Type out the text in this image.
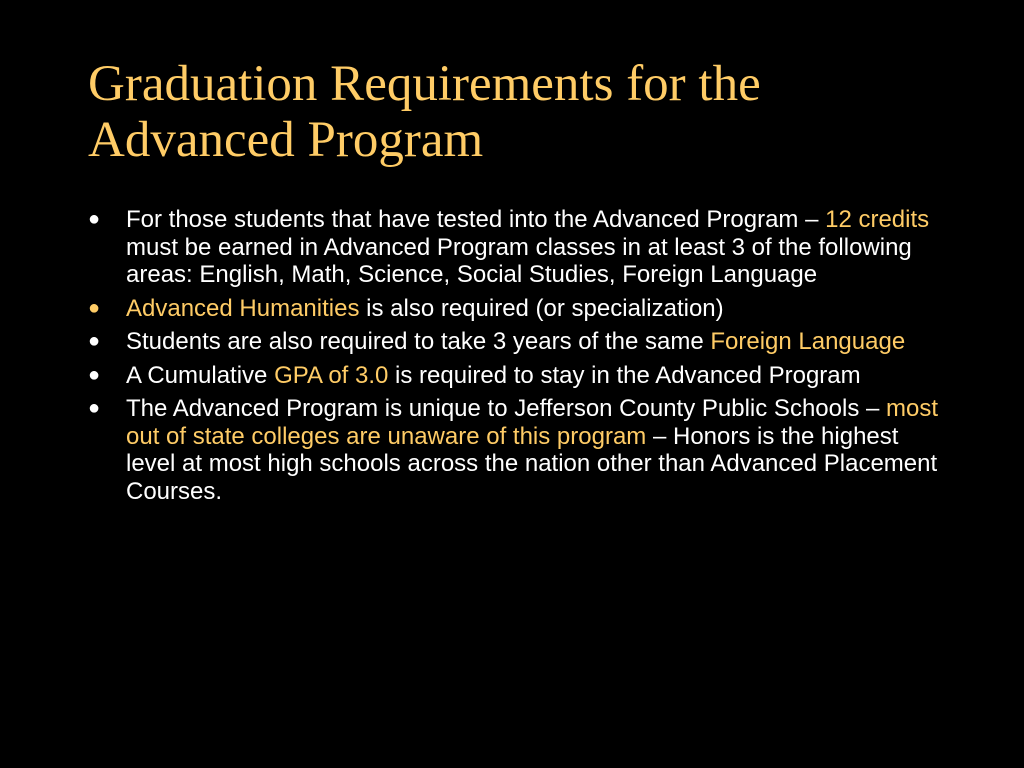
Graduation Requirements for the
Advanced Program
●	For those students that have tested into the Advanced Program – 12 credits must be earned in Advanced Program classes in at least 3 of the following areas: English, Math, Science, Social Studies, Foreign Language
●	Advanced Humanities is also required (or specialization)
●	Students are also required to take 3 years of the same Foreign Language
●	A Cumulative GPA of 3.0 is required to stay in the Advanced Program
●	The Advanced Program is unique to Jefferson County Public Schools – most out of state colleges are unaware of this program – Honors is the highest level at most high schools across the nation other than Advanced Placement Courses.
